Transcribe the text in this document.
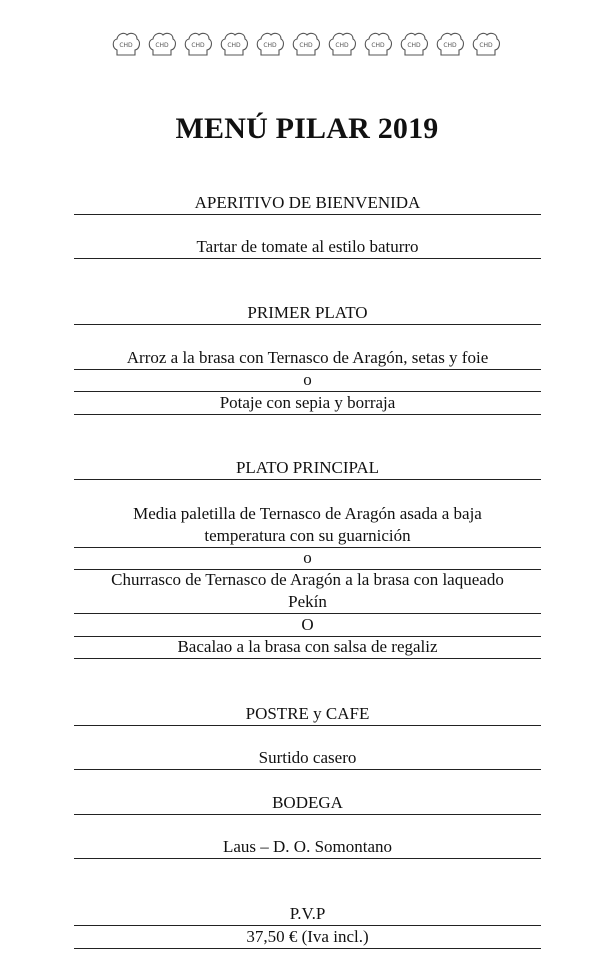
CHD	CHD	CHD	CHD	CHD	CHD	CHD	CHD	CHD	CHD	CHD
MENÚ PILAR 2019
APERITIVO DE BIENVENIDA
Tartar de tomate al estilo baturro
PRIMER PLATO
Arroz a la brasa con Ternasco de Aragón, setas y foie
o
Potaje con sepia y borraja
PLATO PRINCIPAL
Media paletilla de Ternasco de Aragón asada a baja
temperatura con su guarnición
o
Churrasco de Ternasco de Aragón a la brasa con laqueado
Pekín
O
Bacalao a la brasa con salsa de regaliz
POSTRE y CAFE
Surtido casero
BODEGA
Laus – D. O. Somontano
P.V.P
37,50 € (Iva incl.)
